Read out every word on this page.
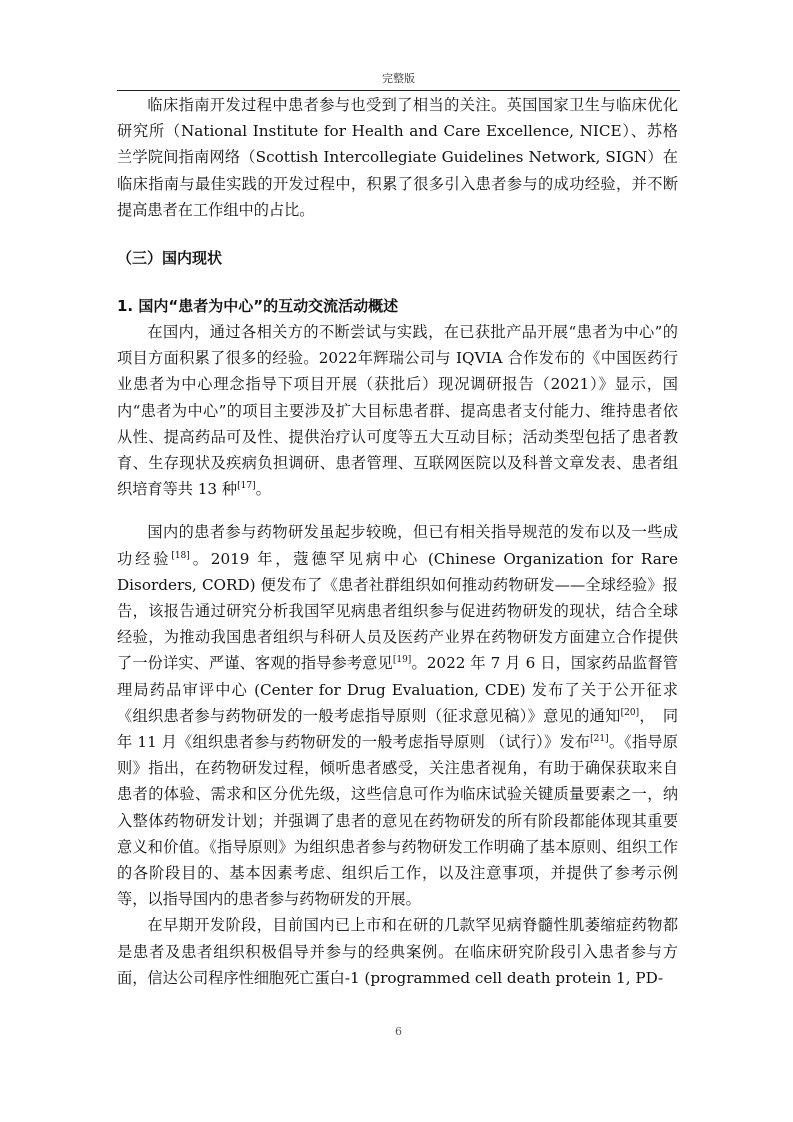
完整版

临床指南开发过程中患者参与也受到了相当的关注。英国国家卫生与临床优化研究所（National Institute for Health and Care Excellence, NICE）、苏格兰学院间指南网络（Scottish Intercollegiate Guidelines Network, SIGN）在临床指南与最佳实践的开发过程中，积累了很多引入患者参与的成功经验，并不断提高患者在工作组中的占比。

（三）国内现状
1. 国内“患者为中心”的互动交流活动概述

在国内，通过各相关方的不断尝试与实践，在已获批产品开展“患者为中心”的项目方面积累了很多的经验。2022年辉瑞公司与 IQVIA 合作发布的《中国医药行业患者为中心理念指导下项目开展（获批后）现况调研报告（2021）》显示，国内“患者为中心”的项目主要涉及扩大目标患者群、提高患者支付能力、维持患者依从性、提高药品可及性、提供治疗认可度等五大互动目标；活动类型包括了患者教育、生存现状及疾病负担调研、患者管理、互联网医院以及科普文章发表、患者组织培育等共 13 种[17]。

国内的患者参与药物研发虽起步较晚，但已有相关指导规范的发布以及一些成功经验[18]。2019 年，蔻德罕见病中心 (Chinese Organization for Rare Disorders, CORD) 便发布了《患者社群组织如何推动药物研发——全球经验》报告，该报告通过研究分析我国罕见病患者组织参与促进药物研发的现状，结合全球经验，为推动我国患者组织与科研人员及医药产业界在药物研发方面建立合作提供了一份详实、严谨、客观的指导参考意见[19]。2022 年 7 月 6 日，国家药品监督管理局药品审评中心 (Center for Drug Evaluation, CDE) 发布了关于公开征求《组织患者参与药物研发的一般考虑指导原则（征求意见稿）》意见的通知[20]，　同年 11 月《组织患者参与药物研发的一般考虑指导原则 （试行）》发布[21]。《指导原则》指出，在药物研发过程，倾听患者感受，关注患者视角，有助于确保获取来自患者的体验、需求和区分优先级，这些信息可作为临床试验关键质量要素之一，纳入整体药物研发计划；并强调了患者的意见在药物研发的所有阶段都能体现其重要意义和价值。《指导原则》为组织患者参与药物研发工作明确了基本原则、组织工作的各阶段目的、基本因素考虑、组织后工作，以及注意事项，并提供了参考示例等，以指导国内的患者参与药物研发的开展。

在早期开发阶段，目前国内已上市和在研的几款罕见病脊髓性肌萎缩症药物都是患者及患者组织积极倡导并参与的经典案例。在临床研究阶段引入患者参与方面，信达公司程序性细胞死亡蛋白-1 (programmed cell death protein 1, PD-

6
